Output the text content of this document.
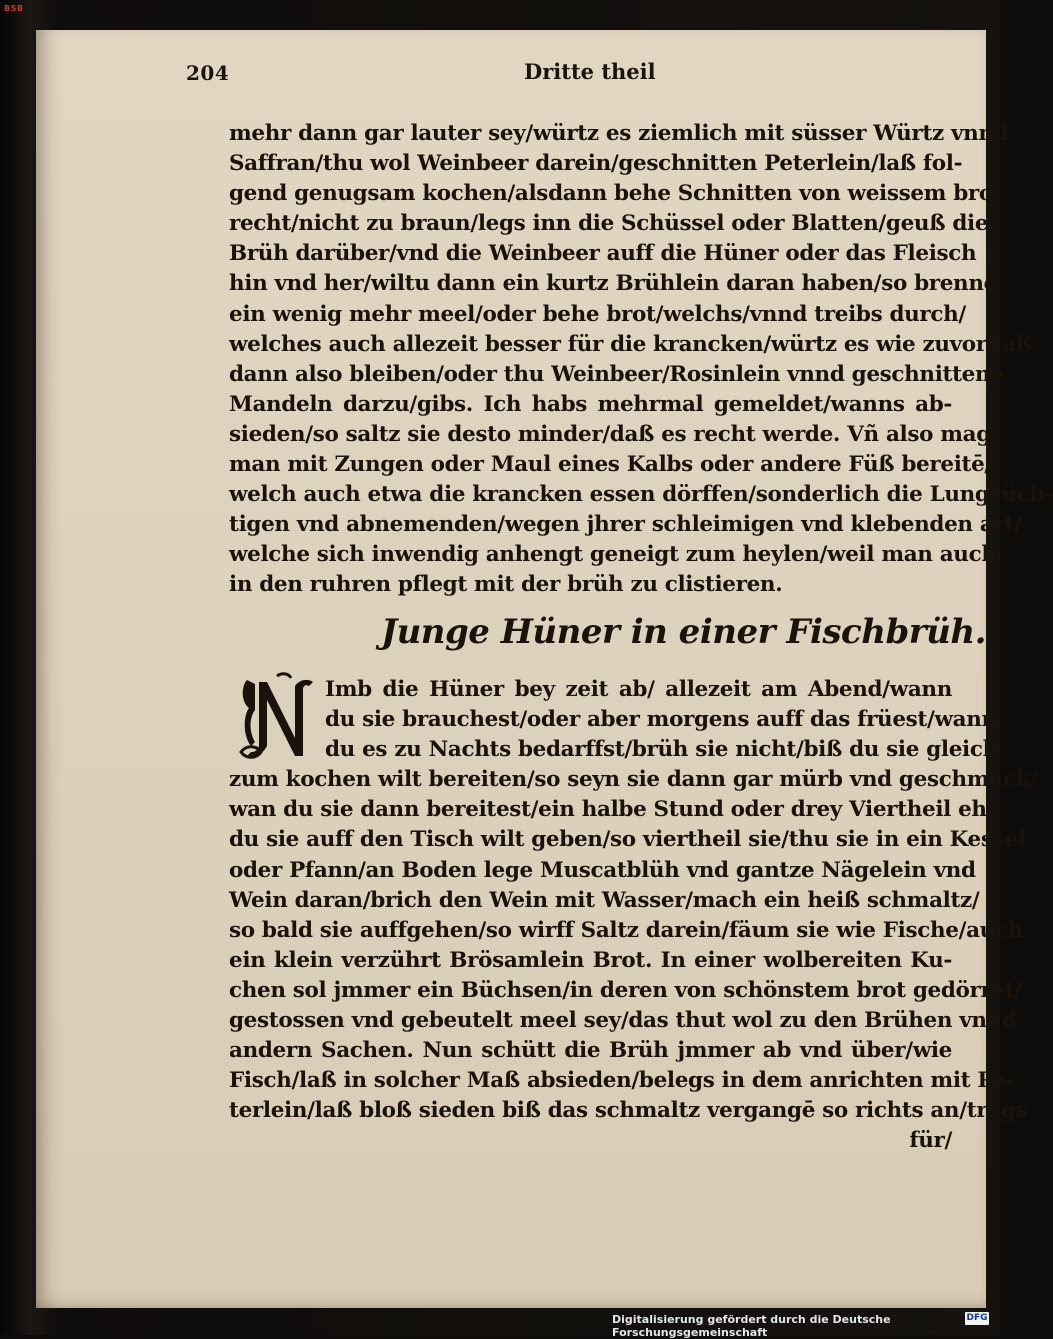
BSB
204	Dritte theil
mehr dann gar lauter sey/würtz es ziemlich mit süsser Würtz vnnd
Saffran/thu wol Weinbeer darein/geschnitten Peterlein/laß fol-
gend genugsam kochen/alsdann behe Schnitten von weissem brot
recht/nicht zu braun/legs inn die Schüssel oder Blatten/geuß die
Brüh darüber/vnd die Weinbeer auff die Hüner oder das Fleisch
hin vnd her/wiltu dann ein kurtz Brühlein daran haben/so brenne
ein wenig mehr meel/oder behe brot/welchs/vnnd treibs durch/
welches auch allezeit besser für die krancken/würtz es wie zuvor/laß
dann also bleiben/oder thu Weinbeer/Rosinlein vnnd geschnittene
Mandeln darzu/gibs. Ich habs mehrmal gemeldet/wanns ab-
sieden/so saltz sie desto minder/daß es recht werde. Vñ also mag
man mit Zungen oder Maul eines Kalbs oder andere Füß bereitē/
welch auch etwa die krancken essen dörffen/sonderlich die Lungsüch-
tigen vnd abnemenden/wegen jhrer schleimigen vnd klebenden art/
welche sich inwendig anhengt geneigt zum heylen/weil man auch
in den ruhren pflegt mit der brüh zu clistieren.
Junge Hüner in einer Fischbrüh.
N
Imb die Hüner bey zeit ab/ allezeit am Abend/wann
du sie brauchest/oder aber morgens auff das früest/wann
du es zu Nachts bedarffst/brüh sie nicht/biß du sie gleich
zum kochen wilt bereiten/so seyn sie dann gar mürb vnd geschmack/
wan du sie dann bereitest/ein halbe Stund oder drey Viertheil ehe
du sie auff den Tisch wilt geben/so viertheil sie/thu sie in ein Kessel
oder Pfann/an Boden lege Muscatblüh vnd gantze Nägelein vnd
Wein daran/brich den Wein mit Wasser/mach ein heiß schmaltz/
so bald sie auffgehen/so wirff Saltz darein/fäum sie wie Fische/auch
ein klein verzührt Brösamlein Brot. In einer wolbereiten Ku-
chen sol jmmer ein Büchsen/in deren von schönstem brot gedörret/
gestossen vnd gebeutelt meel sey/das thut wol zu den Brühen vnnd
andern Sachen. Nun schütt die Brüh jmmer ab vnd über/wie
Fisch/laß in solcher Maß absieden/belegs in dem anrichten mit Pe-
terlein/laß bloß sieden biß das schmaltz vergangē so richts an/trags
für/
Digitalisierung gefördert durch die Deutsche Forschungsgemeinschaft
DFG
